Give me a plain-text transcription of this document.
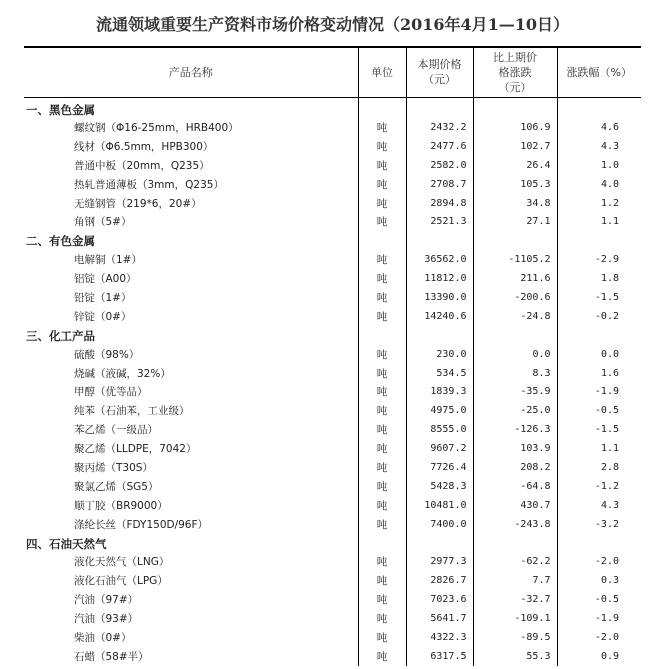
流通领域重要生产资料市场价格变动情况（2016年4月1—10日）
产品名称	单位	本期价格（元）	比上期价格涨跌（元）	涨跌幅（%）
一、黑色金属				
螺纹钢（Φ16-25mm，HRB400）	吨	2432.2	106.9	4.6
线材（Φ6.5mm，HPB300）	吨	2477.6	102.7	4.3
普通中板（20mm，Q235）	吨	2582.0	26.4	1.0
热轧普通薄板（3mm，Q235）	吨	2708.7	105.3	4.0
无缝钢管（219*6，20#）	吨	2894.8	34.8	1.2
角钢（5#）	吨	2521.3	27.1	1.1
二、有色金属				
电解铜（1#）	吨	36562.0	-1105.2	-2.9
铝锭（A00）	吨	11812.0	211.6	1.8
铅锭（1#）	吨	13390.0	-200.6	-1.5
锌锭（0#）	吨	14240.6	-24.8	-0.2
三、化工产品				
硫酸（98%）	吨	230.0	0.0	0.0
烧碱（液碱，32%）	吨	534.5	8.3	1.6
甲醇（优等品）	吨	1839.3	-35.9	-1.9
纯苯（石油苯，工业级）	吨	4975.0	-25.0	-0.5
苯乙烯（一级品）	吨	8555.0	-126.3	-1.5
聚乙烯（LLDPE，7042）	吨	9607.2	103.9	1.1
聚丙烯（T30S）	吨	7726.4	208.2	2.8
聚氯乙烯（SG5）	吨	5428.3	-64.8	-1.2
顺丁胶（BR9000）	吨	10481.0	430.7	4.3
涤纶长丝（FDY150D/96F）	吨	7400.0	-243.8	-3.2
四、石油天然气				
液化天然气（LNG）	吨	2977.3	-62.2	-2.0
液化石油气（LPG）	吨	2826.7	7.7	0.3
汽油（97#）	吨	7023.6	-32.7	-0.5
汽油（93#）	吨	5641.7	-109.1	-1.9
柴油（0#）	吨	4322.3	-89.5	-2.0
石蜡（58#半）	吨	6317.5	55.3	0.9
